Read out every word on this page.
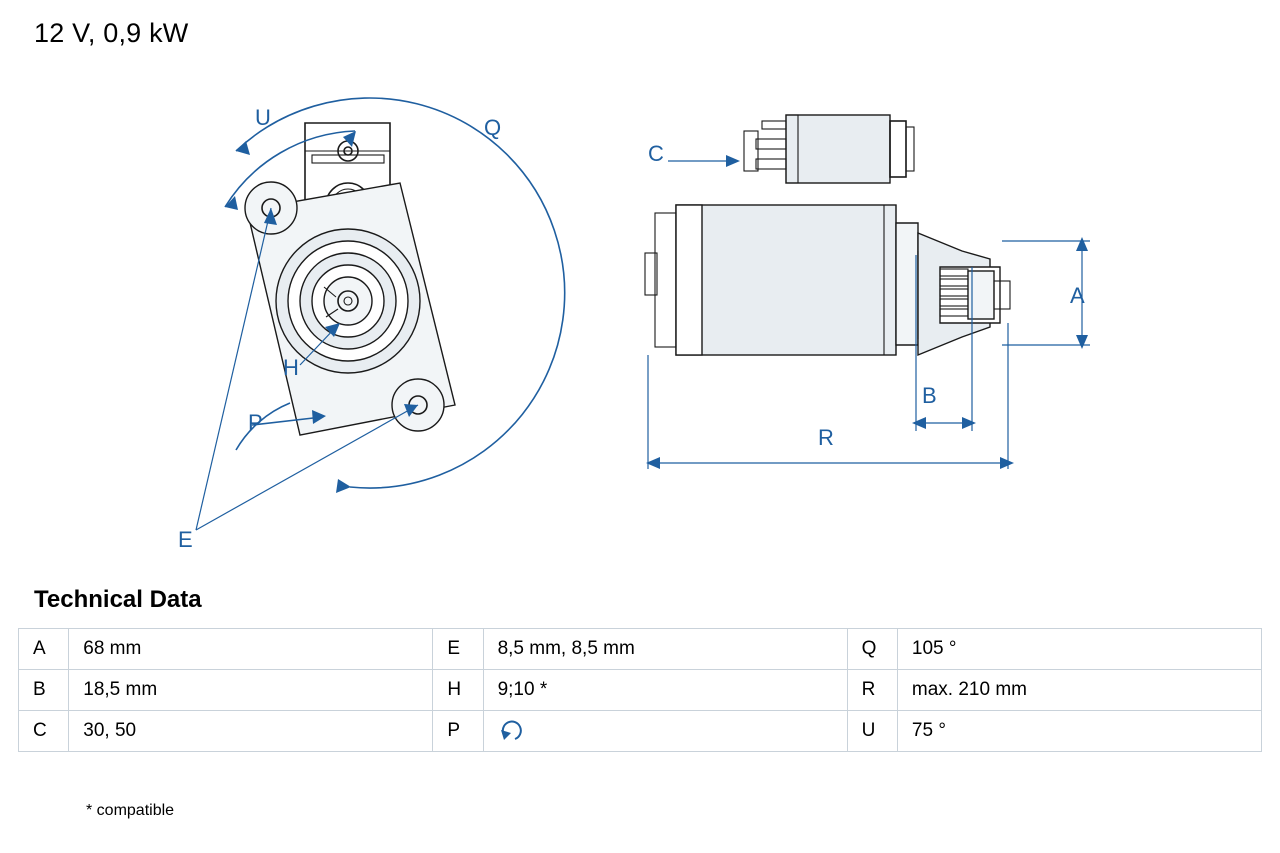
12 V, 0,9 kW
U	Q
P
E
H
A
B
R
C
Technical Data
A	68 mm	E	8,5 mm, 8,5 mm	Q	105 °
B	18,5 mm	H	9;10 *	R	max. 210 mm
C	30, 50	P		U	75 °
* compatible
